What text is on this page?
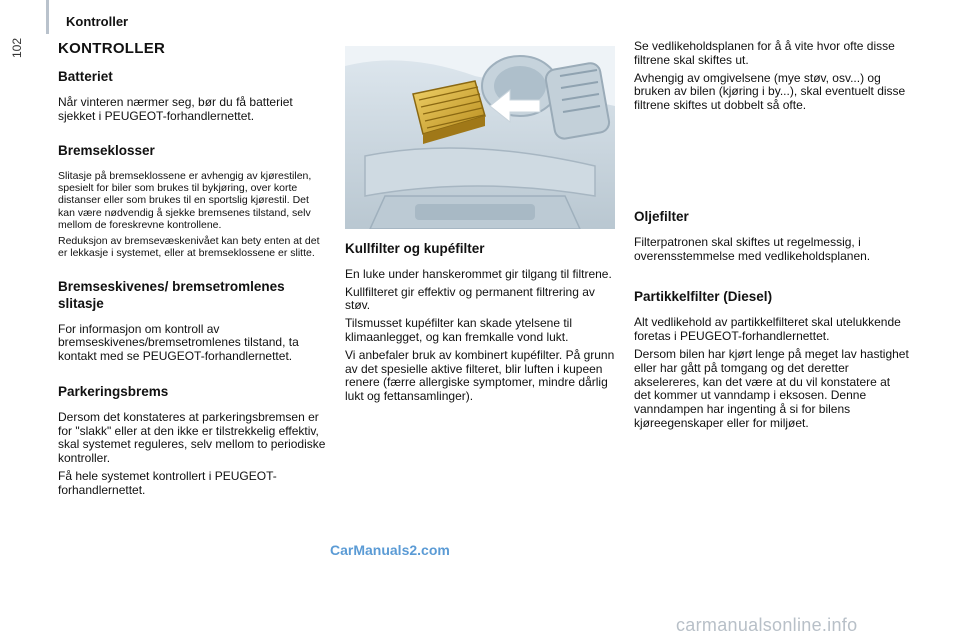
102
Kontroller
KONTROLLER
Batteriet

Når vinteren nærmer seg, bør du få batteriet sjekket i PEUGEOT-forhandlernettet.

Bremseklosser

Slitasje på bremseklossene er avhengig av kjørestilen, spesielt for biler som brukes til bykjøring, over korte distanser eller som brukes til en sportslig kjørestil. Det kan være nødvendig å sjekke bremsenes tilstand, selv mellom de foreskrevne kontrollene.

Reduksjon av bremsevæskenivået kan bety enten at det er lekkasje i systemet, eller at bremseklossene er slitte.

Bremseskivenes/ bremsetromlenes slitasje

For informasjon om kontroll av bremseskivenes/bremsetromlenes tilstand, ta kontakt med se PEUGEOT-forhandlernettet.

Parkeringsbrems

Dersom det konstateres at parkeringsbremsen er for "slakk" eller at den ikke er tilstrekkelig effektiv, skal systemet reguleres, selv mellom to periodiske kontroller.

Få hele systemet kontrollert i PEUGEOT-forhandlernettet.

Kullfilter og kupéfilter

En luke under hanskerommet gir tilgang til filtrene.

Kullfilteret gir effektiv og permanent filtrering av støv.

Tilsmusset kupéfilter kan skade ytelsene til klimaanlegget, og kan fremkalle vond lukt.

Vi anbefaler bruk av kombinert kupéfilter. På grunn av det spesielle aktive filteret, blir luften i kupeen renere (færre allergiske symptomer, mindre dårlig lukt og fettansamlinger).

Se vedlikeholdsplanen for å å vite hvor ofte disse filtrene skal skiftes ut.

Avhengig av omgivelsene (mye støv, osv...) og bruken av bilen (kjøring i by...), skal eventuelt disse filtrene skiftes ut dobbelt så ofte.

Oljefilter

Filterpatronen skal skiftes ut regelmessig, i overensstemmelse med vedlikeholdsplanen.

Partikkelfilter (Diesel)

Alt vedlikehold av partikkelfilteret skal utelukkende foretas i PEUGEOT-forhandlernettet.

Dersom bilen har kjørt lenge på meget lav hastighet eller har gått på tomgang og det deretter akselereres, kan det være at du vil konstatere at det kommer ut vanndamp i eksosen. Denne vanndampen har ingenting å si for bilens kjøreegenskaper eller for miljøet.

CarManuals2.com
carmanualsonline.info
